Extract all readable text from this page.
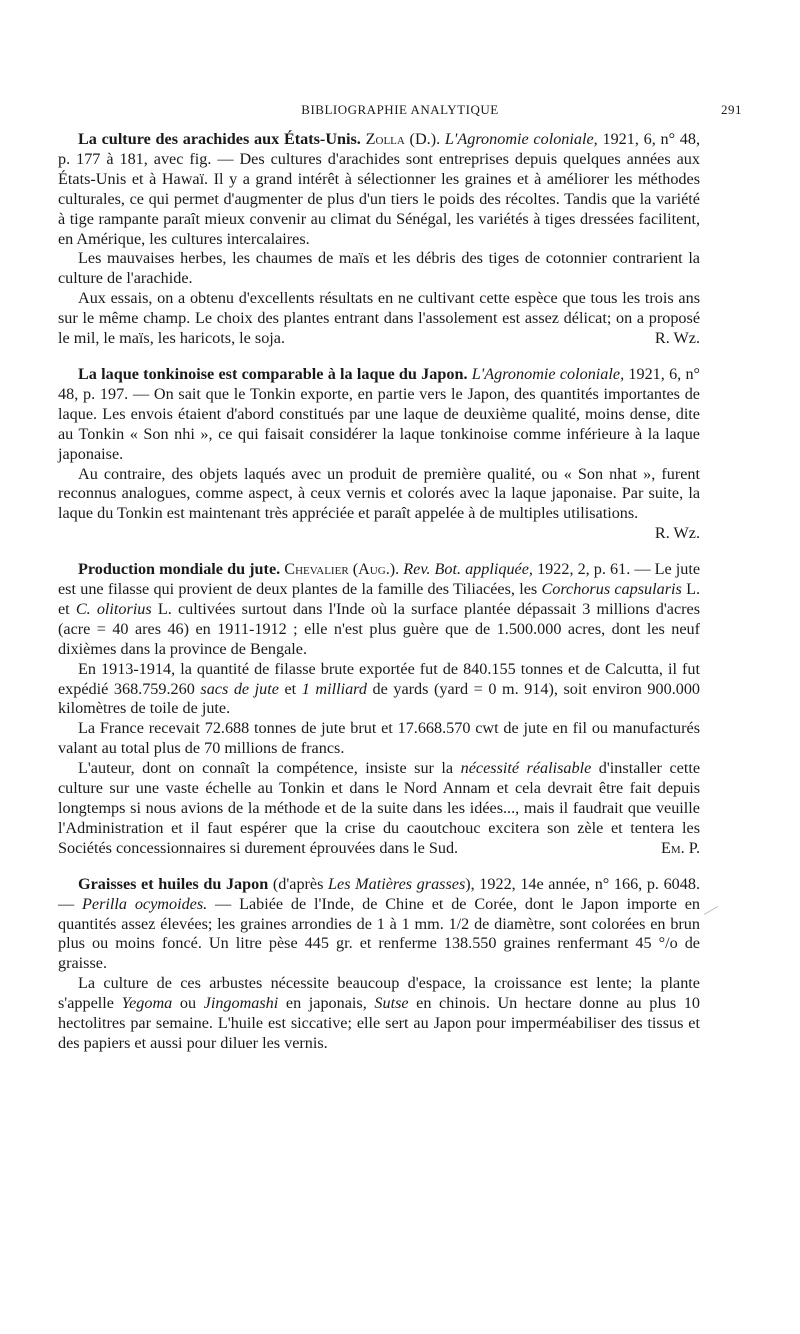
BIBLIOGRAPHIE ANALYTIQUE	291

La culture des arachides aux États-Unis. Zolla (D.). L'Agronomie coloniale, 1921, 6, n° 48, p. 177 à 181, avec fig. — Des cultures d'arachides sont entreprises depuis quelques années aux États-Unis et à Hawaï. Il y a grand intérêt à sélectionner les graines et à améliorer les méthodes culturales, ce qui permet d'augmenter de plus d'un tiers le poids des récoltes. Tandis que la variété à tige rampante paraît mieux convenir au climat du Sénégal, les variétés à tiges dressées facilitent, en Amérique, les cultures intercalaires.

Les mauvaises herbes, les chaumes de maïs et les débris des tiges de cotonnier contrarient la culture de l'arachide.

Aux essais, on a obtenu d'excellents résultats en ne cultivant cette espèce que tous les trois ans sur le même champ. Le choix des plantes entrant dans l'assolement est assez délicat; on a proposé le mil, le maïs, les haricots, le soja.	R. Wz.

La laque tonkinoise est comparable à la laque du Japon. L'Agronomie coloniale, 1921, 6, n° 48, p. 197. — On sait que le Tonkin exporte, en partie vers le Japon, des quantités importantes de laque. Les envois étaient d'abord constitués par une laque de deuxième qualité, moins dense, dite au Tonkin « Son nhi », ce qui faisait considérer la laque tonkinoise comme inférieure à la laque japonaise.

Au contraire, des objets laqués avec un produit de première qualité, ou « Son nhat », furent reconnus analogues, comme aspect, à ceux vernis et colorés avec la laque japonaise. Par suite, la laque du Tonkin est maintenant très appréciée et paraît appelée à de multiples utilisations.
R. Wz.

Production mondiale du jute. Chevalier (Aug.). Rev. Bot. appliquée, 1922, 2, p. 61. — Le jute est une filasse qui provient de deux plantes de la famille des Tiliacées, les Corchorus capsularis L. et C. olitorius L. cultivées surtout dans l'Inde où la surface plantée dépassait 3 millions d'acres (acre = 40 ares 46) en 1911-1912 ; elle n'est plus guère que de 1.500.000 acres, dont les neuf dixièmes dans la province de Bengale.

En 1913-1914, la quantité de filasse brute exportée fut de 840.155 tonnes et de Calcutta, il fut expédié 368.759.260 sacs de jute et 1 milliard de yards (yard = 0 m. 914), soit environ 900.000 kilomètres de toile de jute.

La France recevait 72.688 tonnes de jute brut et 17.668.570 cwt de jute en fil ou manufacturés valant au total plus de 70 millions de francs.

L'auteur, dont on connaît la compétence, insiste sur la nécessité réalisable d'installer cette culture sur une vaste échelle au Tonkin et dans le Nord Annam et cela devrait être fait depuis longtemps si nous avions de la méthode et de la suite dans les idées..., mais il faudrait que veuille l'Administration et il faut espérer que la crise du caoutchouc excitera son zèle et tentera les Sociétés concessionnaires si durement éprouvées dans le Sud.	Em. P.

Graisses et huiles du Japon (d'après Les Matières grasses), 1922, 14e année, n° 166, p. 6048. — Perilla ocymoides. — Labiée de l'Inde, de Chine et de Corée, dont le Japon importe en quantités assez élevées; les graines arrondies de 1 à 1 mm. 1/2 de diamètre, sont colorées en brun plus ou moins foncé. Un litre pèse 445 gr. et renferme 138.550 graines renfermant 45 °/o de graisse.

La culture de ces arbustes nécessite beaucoup d'espace, la croissance est lente; la plante s'appelle Yegoma ou Jingomashi en japonais, Sutse en chinois. Un hectare donne au plus 10 hectolitres par semaine. L'huile est siccative; elle sert au Japon pour imperméabiliser des tissus et des papiers et aussi pour diluer les vernis.
